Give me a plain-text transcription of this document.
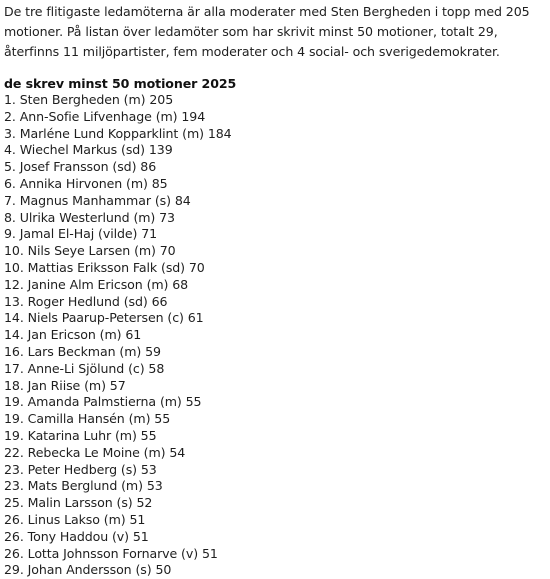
De tre flitigaste ledamöterna är alla moderater med Sten Bergheden i topp med 205 motioner. På listan över ledamöter som har skrivit minst 50 motioner, totalt 29, återfinns 11 miljöpartister, fem moderater och 4 social- och sverigedemokrater.

de skrev minst 50 motioner 2025
1. Sten Bergheden (m) 205
2. Ann-Sofie Lifvenhage (m) 194
3. Marléne Lund Kopparklint (m) 184
4. Wiechel Markus (sd) 139
5. Josef Fransson (sd) 86
6. Annika Hirvonen (m) 85
7. Magnus Manhammar (s) 84
8. Ulrika Westerlund (m) 73
9. Jamal El-Haj (vilde) 71
10. Nils Seye Larsen (m) 70
10. Mattias Eriksson Falk (sd) 70
12. Janine Alm Ericson (m) 68
13. Roger Hedlund (sd) 66
14. Niels Paarup-Petersen (c) 61
14. Jan Ericson (m) 61
16. Lars Beckman (m) 59
17. Anne-Li Sjölund (c) 58
18. Jan Riise (m) 57
19. Amanda Palmstierna (m) 55
19. Camilla Hansén (m) 55
19. Katarina Luhr (m) 55
22. Rebecka Le Moine (m) 54
23. Peter Hedberg (s) 53
23. Mats Berglund (m) 53
25. Malin Larsson (s) 52
26. Linus Lakso (m) 51
26. Tony Haddou (v) 51
26. Lotta Johnsson Fornarve (v) 51
29. Johan Andersson (s) 50
